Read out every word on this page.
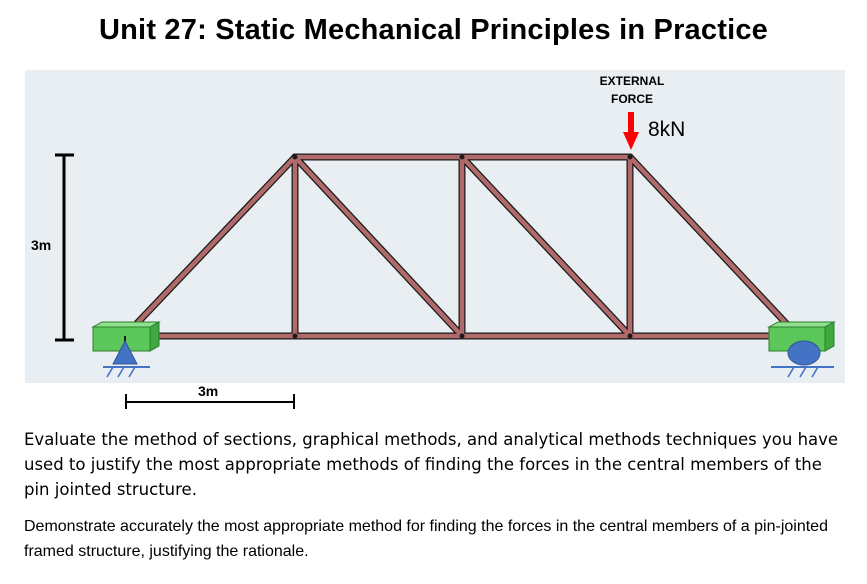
Unit 27: Static Mechanical Principles in Practice
EXTERNAL
FORCE
8kN
3m
3m
Evaluate the method of sections, graphical methods, and analytical methods techniques you have used to justify the most appropriate methods of finding the forces in the central members of the pin jointed structure.
Demonstrate accurately the most appropriate method for finding the forces in the central members of a pin-jointed framed structure, justifying the rationale.
